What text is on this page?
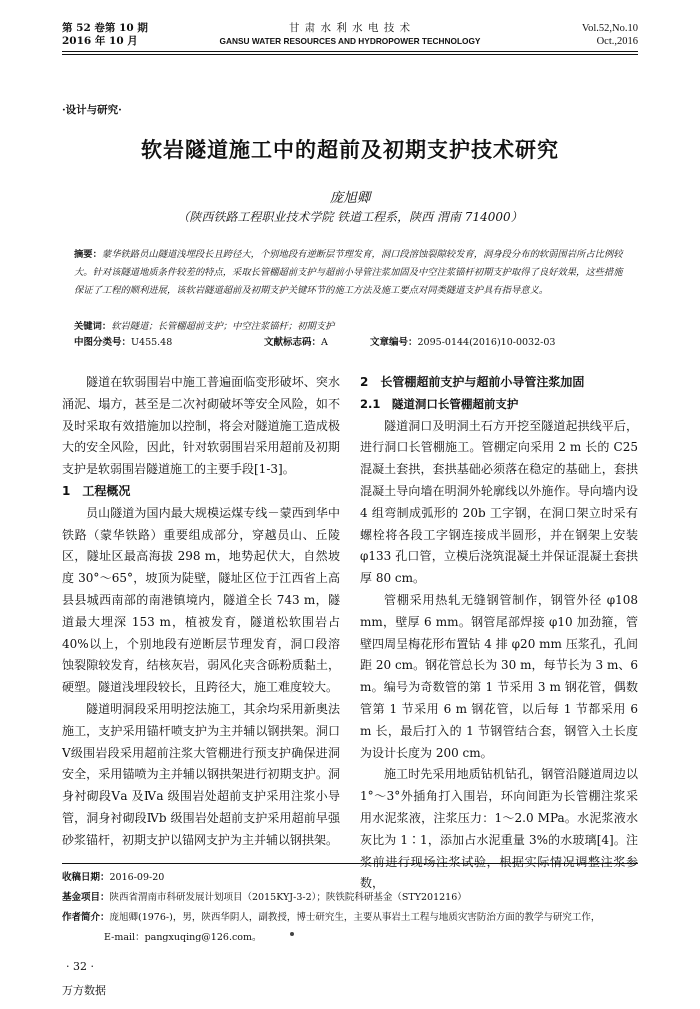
第 52 卷第 10 期
2016 年 10 月
甘 肃 水 利 水 电 技 术
GANSU WATER RESOURCES AND HYDROPOWER TECHNOLOGY
Vol.52,No.10
Oct.,2016
·设计与研究·
软岩隧道施工中的超前及初期支护技术研究
庞旭卿
（陕西铁路工程职业技术学院 铁道工程系，陕西 渭南 714000）
摘要：蒙华铁路员山隧道浅埋段长且跨径大，个别地段有逆断层节理发育，洞口段溶蚀裂隙较发育，洞身段分布的软弱围岩所占比例较大。针对该隧道地质条件较差的特点，采取长管棚超前支护与超前小导管注浆加固及中空注浆锚杆初期支护取得了良好效果，这些措施保证了工程的顺利进展，该软岩隧道超前及初期支护关键环节的施工方法及施工要点对同类隧道支护具有指导意义。
关键词：软岩隧道；长管棚超前支护；中空注浆锚杆；初期支护
中图分类号：U455.48	文献标志码：A	文章编号：2095-0144(2016)10-0032-03

隧道在软弱围岩中施工普遍面临变形破坏、突水涌泥、塌方，甚至是二次衬砌破坏等安全风险，如不及时采取有效措施加以控制，将会对隧道施工造成极大的安全风险，因此，针对软弱围岩采用超前及初期支护是软弱围岩隧道施工的主要手段[1-3]。

1　工程概况

员山隧道为国内最大规模运煤专线－蒙西到华中铁路（蒙华铁路）重要组成部分，穿越员山、丘陵区，隧址区最高海拔 298 m，地势起伏大，自然坡度 30°～65°，坡顶为陡壁，隧址区位于江西省上高县县城西南部的南港镇境内，隧道全长 743 m，隧道最大埋深 153 m，植被发育，隧道松软围岩占 40%以上，个别地段有逆断层节理发育，洞口段溶蚀裂隙较发育，结核灰岩，弱风化夹含砾粉质黏土，硬塑。隧道浅埋段较长，且跨径大，施工难度较大。

隧道明洞段采用明挖法施工，其余均采用新奥法施工，支护采用锚杆喷支护为主并辅以钢拱架。洞口Ⅴ级围岩段采用超前注浆大管棚进行预支护确保进洞安全，采用锚喷为主并辅以钢拱架进行初期支护。洞身衬砌段Ⅴa 及Ⅳa 级围岩处超前支护采用注浆小导管，洞身衬砌段Ⅳb 级围岩处超前支护采用超前早强砂浆锚杆，初期支护以锚网支护为主并辅以钢拱架。

2　长管棚超前支护与超前小导管注浆加固
2.1　隧道洞口长管棚超前支护

隧道洞口及明洞土石方开挖至隧道起拱线平后，进行洞口长管棚施工。管棚定向采用 2 m 长的 C25 混凝土套拱，套拱基础必须落在稳定的基础上，套拱混凝土导向墙在明洞外轮廓线以外施作。导向墙内设 4 组弯制成弧形的 20b 工字钢，在洞口架立时采有螺栓将各段工字钢连接成半圆形，并在钢架上安装 φ133 孔口管，立模后浇筑混凝土并保证混凝土套拱厚 80 cm。

管棚采用热轧无缝钢管制作，钢管外径 φ108 mm，壁厚 6 mm。钢管尾部焊接 φ10 加劲箍，管壁四周呈梅花形布置钻 4 排 φ20 mm 压浆孔，孔间距 20 cm。钢花管总长为 30 m，每节长为 3 m、6 m。编号为奇数管的第 1 节采用 3 m 钢花管，偶数管第 1 节采用 6 m 钢花管，以后每 1 节都采用 6 m 长，最后打入的 1 节钢管结合套，钢管入土长度为设计长度为 200 cm。

施工时先采用地质钻机钻孔，钢管沿隧道周边以 1°～3°外插角打入围岩，环向间距为长管棚注浆采用水泥浆液，注浆压力：1～2.0 MPa。水泥浆液水灰比为 1∶1，添加占水泥重量 3%的水玻璃[4]。注浆前进行现场注浆试验，根据实际情况调整注浆参数，

收稿日期：2016-09-20
基金项目：陕西省渭南市科研发展计划项目（2015KYJ-3-2）；陕铁院科研基金（STY201216）
作者简介：庞旭卿(1976-)，男，陕西华阴人，副教授，博士研究生，主要从事岩土工程与地质灾害防治方面的教学与研究工作，
E-mail：pangxuqing@126.com。
· 32 ·
万方数据
